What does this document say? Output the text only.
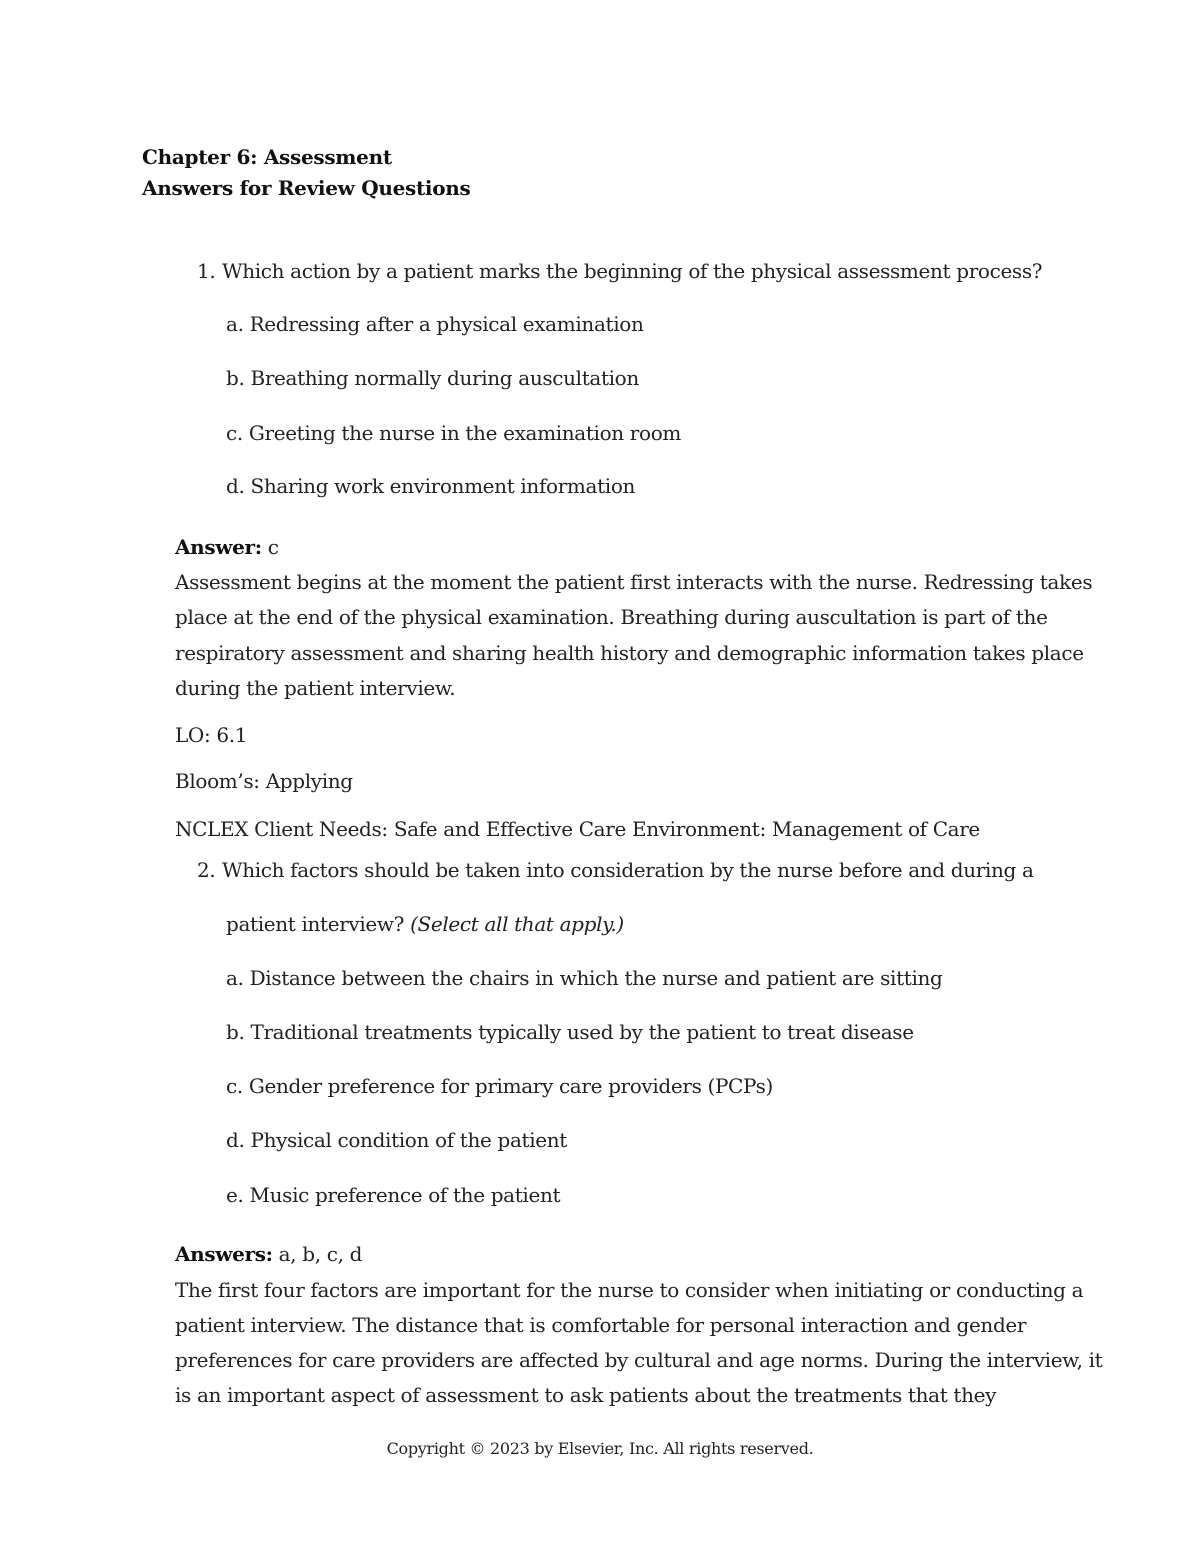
Chapter 6: Assessment
Answers for Review Questions
1. Which action by a patient marks the beginning of the physical assessment process?
a. Redressing after a physical examination
b. Breathing normally during auscultation
c. Greeting the nurse in the examination room
d. Sharing work environment information
Answer: c
Assessment begins at the moment the patient first interacts with the nurse. Redressing takes
place at the end of the physical examination. Breathing during auscultation is part of the
respiratory assessment and sharing health history and demographic information takes place
during the patient interview.
LO: 6.1
Bloom’s: Applying
NCLEX Client Needs: Safe and Effective Care Environment: Management of Care
2. Which factors should be taken into consideration by the nurse before and during a
patient interview? (Select all that apply.)
a. Distance between the chairs in which the nurse and patient are sitting
b. Traditional treatments typically used by the patient to treat disease
c. Gender preference for primary care providers (PCPs)
d. Physical condition of the patient
e. Music preference of the patient
Answers: a, b, c, d
The first four factors are important for the nurse to consider when initiating or conducting a
patient interview. The distance that is comfortable for personal interaction and gender
preferences for care providers are affected by cultural and age norms. During the interview, it
is an important aspect of assessment to ask patients about the treatments that they
Copyright © 2023 by Elsevier, Inc. All rights reserved.
